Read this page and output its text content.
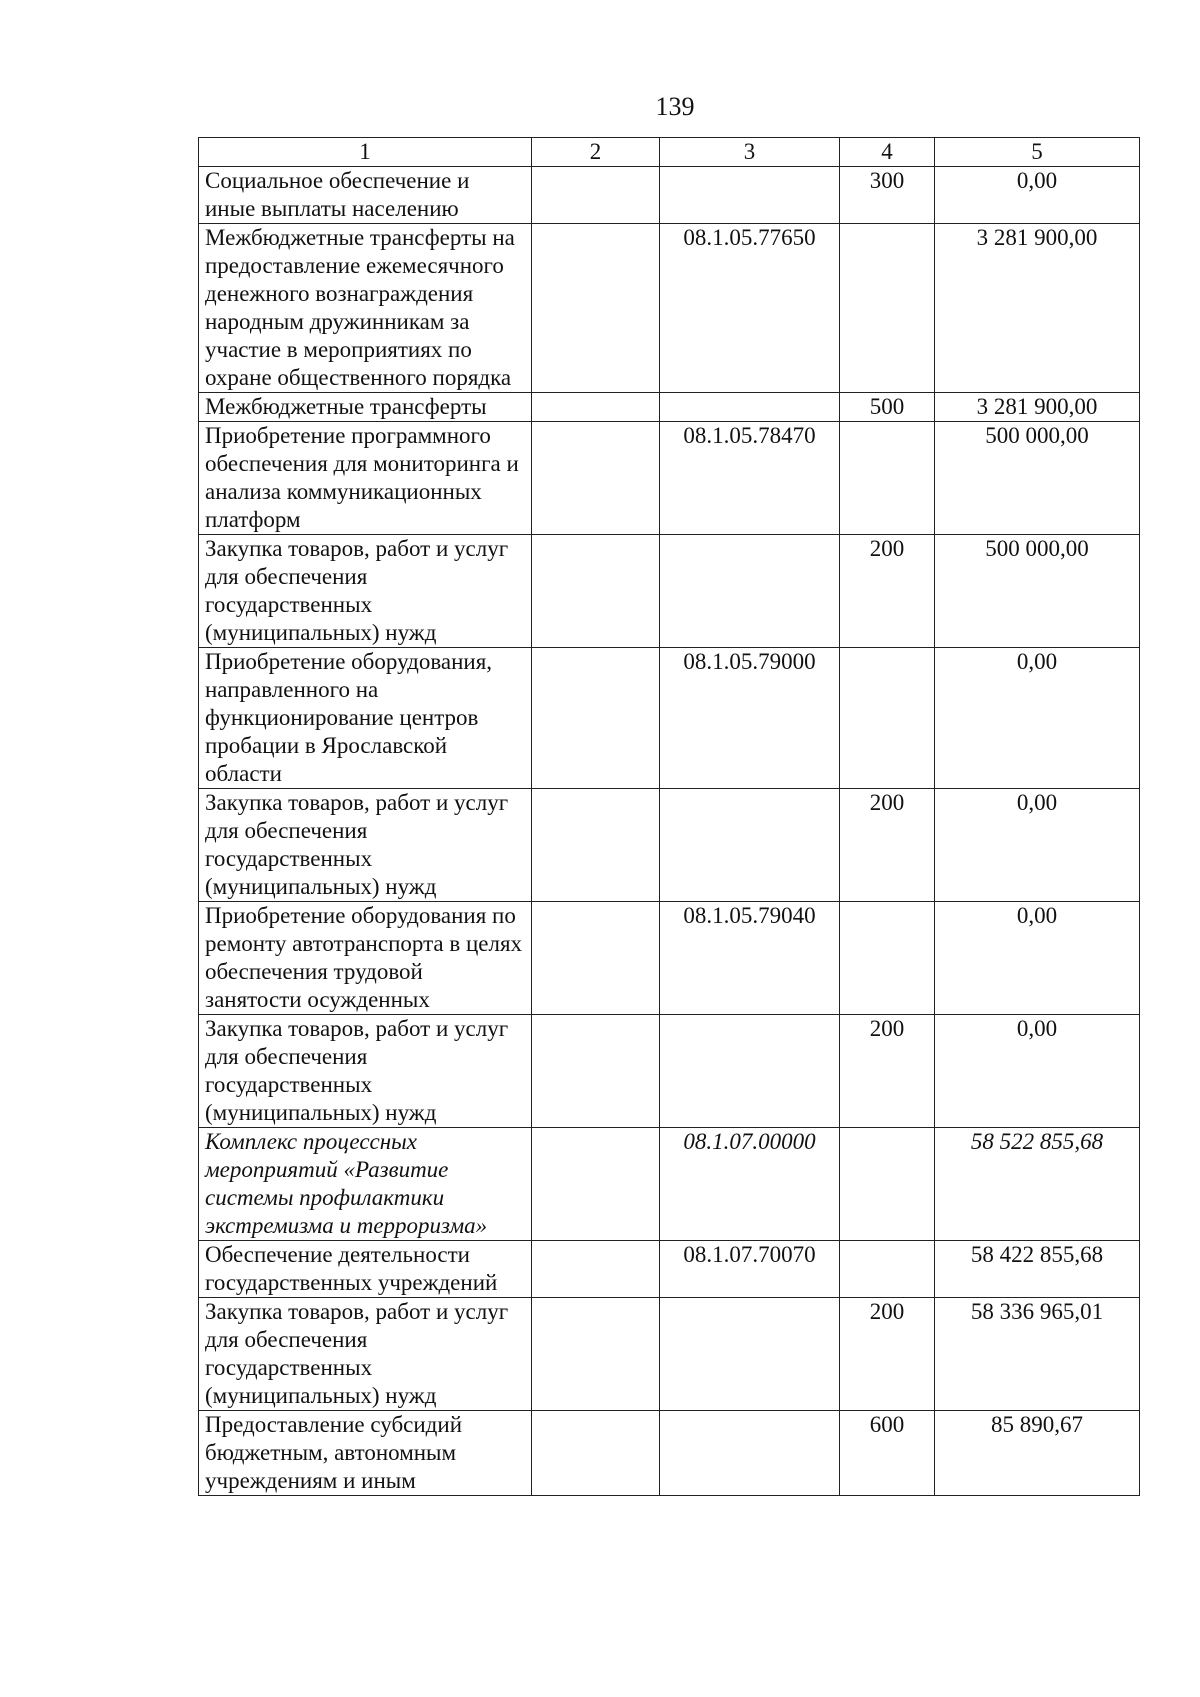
139
1	2	3	4	5
Социальное обеспечение и иные выплаты населению			300	0,00
Межбюджетные трансферты на предоставление ежемесячного денежного вознаграждения народным дружинникам за участие в мероприятиях по охране общественного порядка		08.1.05.77650		3 281 900,00
Межбюджетные трансферты			500	3 281 900,00
Приобретение программного обеспечения для мониторинга и анализа коммуникационных платформ		08.1.05.78470		500 000,00
Закупка товаров, работ и услуг для обеспечения государственных (муниципальных) нужд			200	500 000,00
Приобретение оборудования, направленного на функционирование центров пробации в Ярославской области		08.1.05.79000		0,00
Закупка товаров, работ и услуг для обеспечения государственных (муниципальных) нужд			200	0,00
Приобретение оборудования по ремонту автотранспорта в целях обеспечения трудовой занятости осужденных		08.1.05.79040		0,00
Закупка товаров, работ и услуг для обеспечения государственных (муниципальных) нужд			200	0,00
Комплекс процессных мероприятий «Развитие системы профилактики экстремизма и терроризма»		08.1.07.00000		58 522 855,68
Обеспечение деятельности государственных учреждений		08.1.07.70070		58 422 855,68
Закупка товаров, работ и услуг для обеспечения государственных (муниципальных) нужд			200	58 336 965,01
Предоставление субсидий бюджетным, автономным учреждениям и иным			600	85 890,67
